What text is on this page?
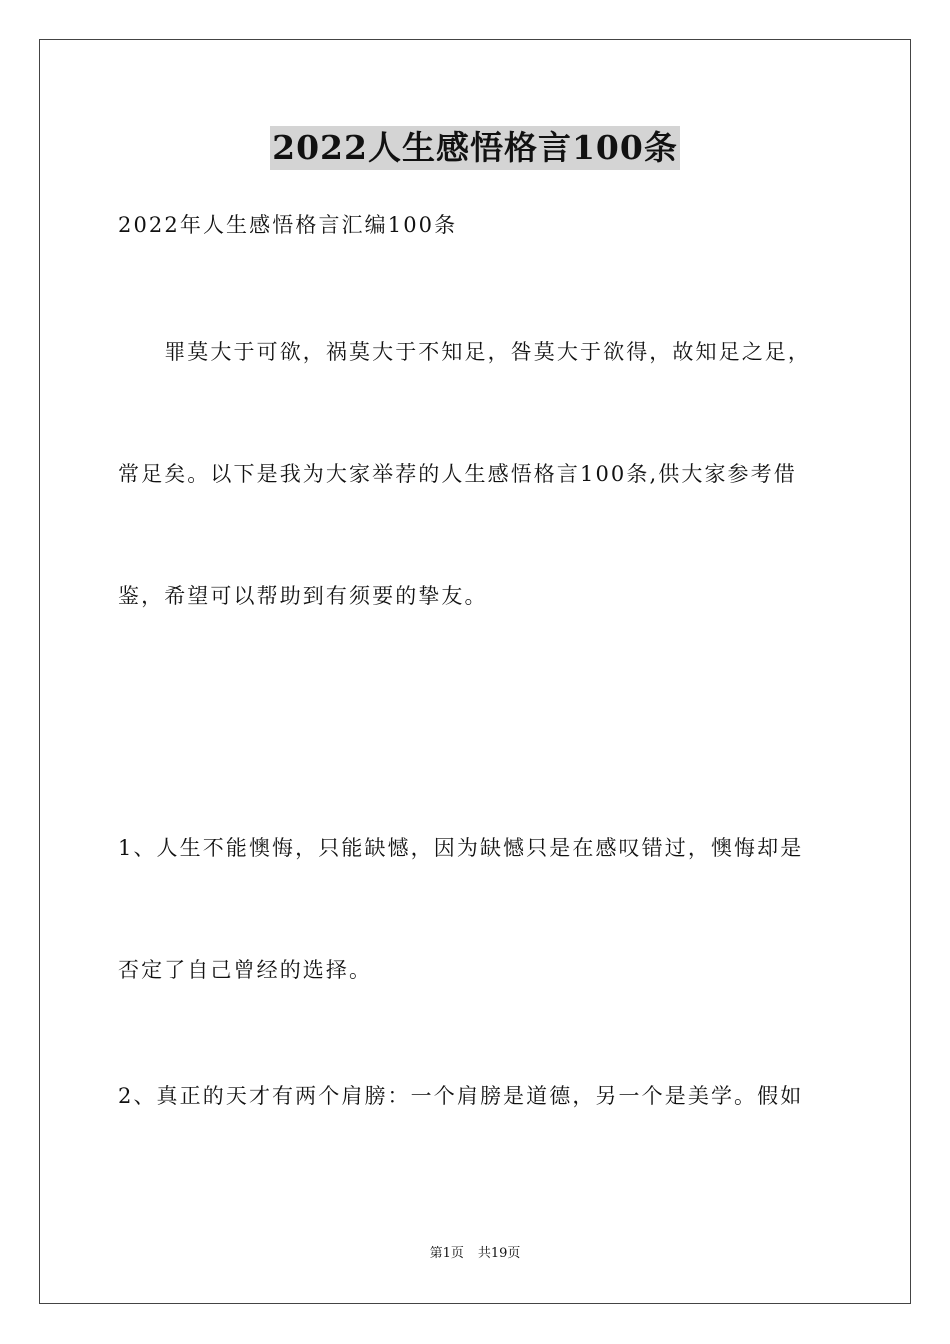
2022人生感悟格言100条
2022年人生感悟格言汇编100条
　　罪莫大于可欲，祸莫大于不知足，咎莫大于欲得，故知足之足，
常足矣。以下是我为大家举荐的人生感悟格言100条,供大家参考借
鉴，希望可以帮助到有须要的挚友。
1、人生不能懊悔，只能缺憾，因为缺憾只是在感叹错过，懊悔却是
否定了自己曾经的选择。
2、真正的天才有两个肩膀：一个肩膀是道德，另一个是美学。假如
第1页 共19页
